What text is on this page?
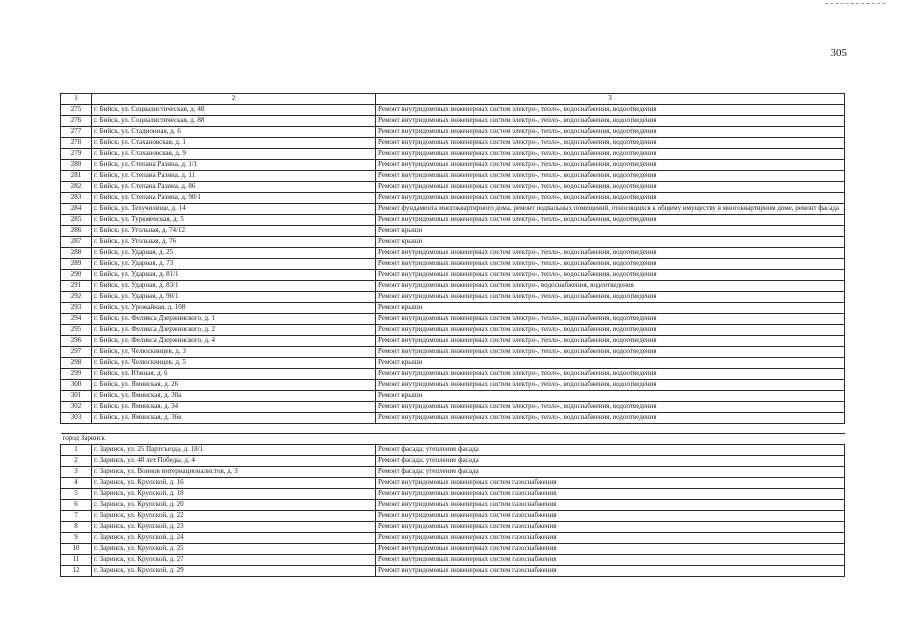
305
1	2	3
275	г. Бийск, ул. Социалистическая, д. 48	Ремонт внутридомовых инженерных систем электро-, тепло-, водоснабжения, водоотведения
276	г. Бийск, ул. Социалистическая, д. 88	Ремонт внутридомовых инженерных систем электро-, тепло-, водоснабжения, водоотведения
277	г. Бийск, ул. Стадионная, д. 6	Ремонт внутридомовых инженерных систем электро-, тепло-, водоснабжения, водоотведения
278	г. Бийск, ул. Стахановская, д. 1	Ремонт внутридомовых инженерных систем электро-, тепло-, водоснабжения, водоотведения
279	г. Бийск, ул. Стахановская, д. 9	Ремонт внутридомовых инженерных систем электро-, тепло-, водоснабжения, водоотведения
280	г. Бийск, ул. Степана Разина, д. 1/1	Ремонт внутридомовых инженерных систем электро-, тепло-, водоснабжения, водоотведения
281	г. Бийск, ул. Степана Разина, д. 11	Ремонт внутридомовых инженерных систем электро-, тепло-, водоснабжения, водоотведения
282	г. Бийск, ул. Степана Разина, д. 86	Ремонт внутридомовых инженерных систем электро-, тепло-, водоснабжения, водоотведения
283	г. Бийск, ул. Степана Разина, д. 90/1	Ремонт внутридомовых инженерных систем электро-, тепло-, водоснабжения, водоотведения
284	г. Бийск, ул. Техучилище, д. 14	Ремонт фундамента многоквартирного дома, ремонт подвальных помещений, относящихся к общему имуществу в многоквартирном доме, ремонт фасада
285	г. Бийск, ул. Туркменская, д. 5	Ремонт внутридомовых инженерных систем электро-, тепло-, водоснабжения, водоотведения
286	г. Бийск, ул. Угольная, д. 74/12	Ремонт крыши
287	г. Бийск, ул. Угольная, д. 76	Ремонт крыши
288	г. Бийск, ул. Ударная, д. 25	Ремонт внутридомовых инженерных систем электро-, тепло-, водоснабжения, водоотведения
289	г. Бийск, ул. Ударная, д. 73	Ремонт внутридомовых инженерных систем электро-, тепло-, водоснабжения, водоотведения
290	г. Бийск, ул. Ударная, д. 81/1	Ремонт внутридомовых инженерных систем электро-, тепло-, водоснабжения, водоотведения
291	г. Бийск, ул. Ударная, д. 83/1	Ремонт внутридомовых инженерных систем электро-, водоснабжения, водоотведения
292	г. Бийск, ул. Ударная, д. 90/1	Ремонт внутридомовых инженерных систем электро-, тепло-, водоснабжения, водоотведения
293	г. Бийск, ул. Урожайная, д. 108	Ремонт крыши
294	г. Бийск, ул. Феликса Дзержинского, д. 1	Ремонт внутридомовых инженерных систем электро-, тепло-, водоснабжения, водоотведения
295	г. Бийск, ул. Феликса Дзержинского, д. 2	Ремонт внутридомовых инженерных систем электро-, тепло-, водоснабжения, водоотведения
296	г. Бийск, ул. Феликса Дзержинского, д. 4	Ремонт внутридомовых инженерных систем электро-, тепло-, водоснабжения, водоотведения
297	г. Бийск, ул. Челюскинцев, д. 3	Ремонт внутридомовых инженерных систем электро-, тепло-, водоснабжения, водоотведения
298	г. Бийск, ул. Челюскинцев, д. 5	Ремонт крыши
299	г. Бийск, ул. Южная, д. 6	Ремонт внутридомовых инженерных систем электро-, тепло-, водоснабжения, водоотведения
300	г. Бийск, ул. Яминская, д. 26	Ремонт внутридомовых инженерных систем электро-, тепло-, водоснабжения, водоотведения
301	г. Бийск, ул. Яминская, д. 30а	Ремонт крыши
302	г. Бийск, ул. Яминская, д. 34	Ремонт внутридомовых инженерных систем электро-, тепло-, водоснабжения, водоотведения
303	г. Бийск, ул. Яминская, д. 36в	Ремонт внутридомовых инженерных систем электро-, тепло-, водоснабжения, водоотведения

город Заринск		
1	г. Заринск, ул. 25 Партсъезда, д. 18/1	Ремонт фасада; утепление фасада
2	г. Заринск, ул. 40 лет Победы, д. 4	Ремонт фасада; утепление фасада
3	г. Заринск, ул. Воинов интернационалистов, д. 3	Ремонт фасада; утепление фасада
4	г. Заринск, ул. Крупской, д. 16	Ремонт внутридомовых инженерных систем газоснабжения
5	г. Заринск, ул. Крупской, д. 18	Ремонт внутридомовых инженерных систем газоснабжения
6	г. Заринск, ул. Крупской, д. 20	Ремонт внутридомовых инженерных систем газоснабжения
7	г. Заринск, ул. Крупской, д. 22	Ремонт внутридомовых инженерных систем газоснабжения
8	г. Заринск, ул. Крупской, д. 23	Ремонт внутридомовых инженерных систем газоснабжения
9	г. Заринск, ул. Крупской, д. 24	Ремонт внутридомовых инженерных систем газоснабжения
10	г. Заринск, ул. Крупской, д. 25	Ремонт внутридомовых инженерных систем газоснабжения
11	г. Заринск, ул. Крупской, д. 27	Ремонт внутридомовых инженерных систем газоснабжения
12	г. Заринск, ул. Крупской, д. 29	Ремонт внутридомовых инженерных систем газоснабжения
